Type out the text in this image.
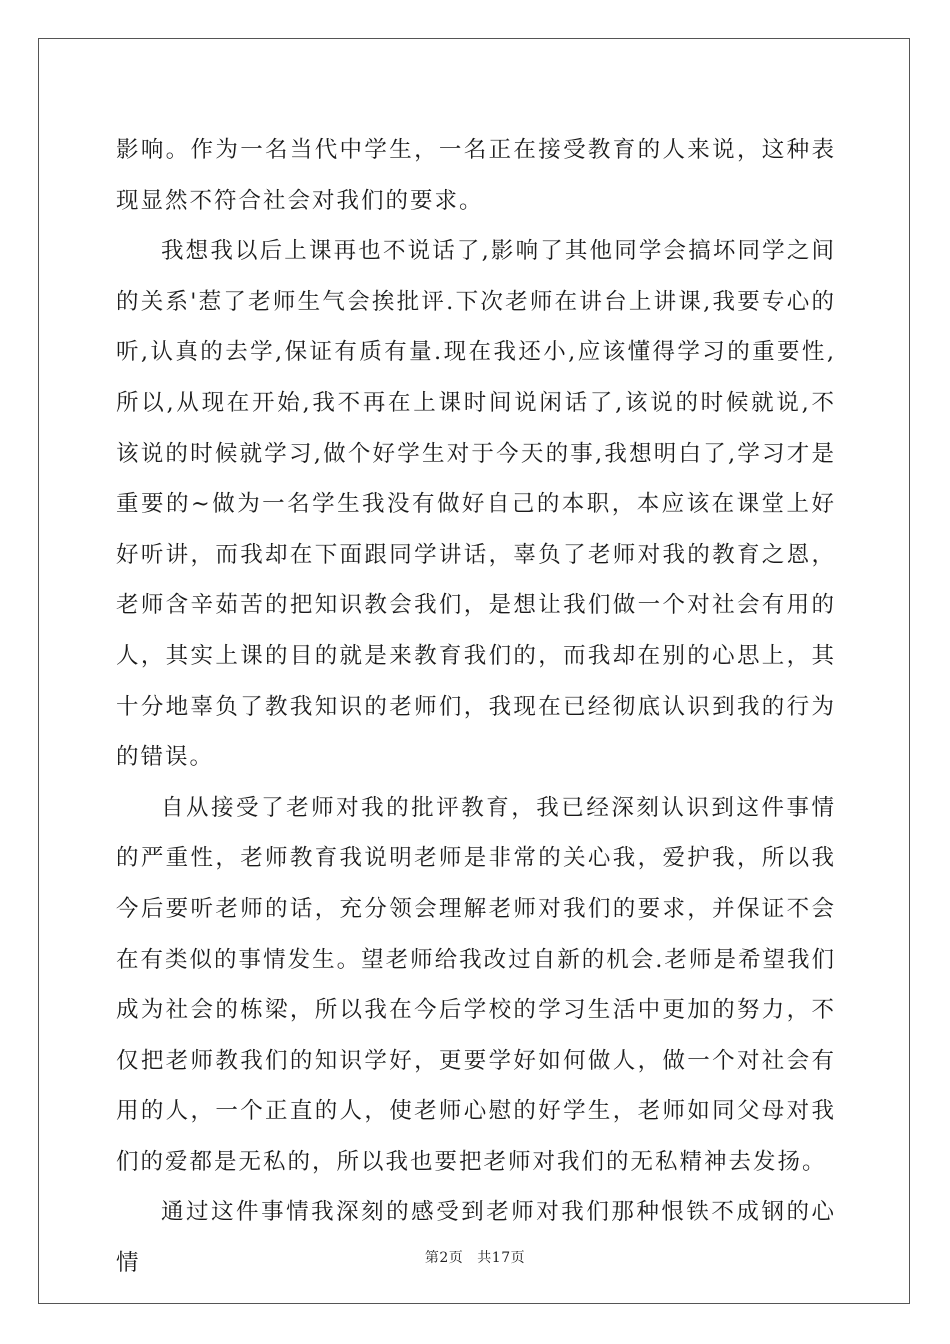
影响。作为一名当代中学生，一名正在接受教育的人来说，这种表现显然不符合社会对我们的要求。

我想我以后上课再也不说话了,影响了其他同学会搞坏同学之间的关系'惹了老师生气会挨批评.下次老师在讲台上讲课,我要专心的听,认真的去学,保证有质有量.现在我还小,应该懂得学习的重要性,所以,从现在开始,我不再在上课时间说闲话了,该说的时候就说,不该说的时候就学习,做个好学生对于今天的事,我想明白了,学习才是重要的~做为一名学生我没有做好自己的本职，本应该在课堂上好好听讲，而我却在下面跟同学讲话，辜负了老师对我的教育之恩，老师含辛茹苦的把知识教会我们，是想让我们做一个对社会有用的人，其实上课的目的就是来教育我们的，而我却在别的心思上，其十分地辜负了教我知识的老师们，我现在已经彻底认识到我的行为的错误。

自从接受了老师对我的批评教育，我已经深刻认识到这件事情的严重性，老师教育我说明老师是非常的关心我，爱护我，所以我今后要听老师的话，充分领会理解老师对我们的要求，并保证不会在有类似的事情发生。望老师给我改过自新的机会.老师是希望我们成为社会的栋梁，所以我在今后学校的学习生活中更加的努力，不仅把老师教我们的知识学好，更要学好如何做人，做一个对社会有用的人，一个正直的人，使老师心慰的好学生，老师如同父母对我们的爱都是无私的，所以我也要把老师对我们的无私精神去发扬。

通过这件事情我深刻的感受到老师对我们那种恨铁不成钢的心情	第2页 共17页
